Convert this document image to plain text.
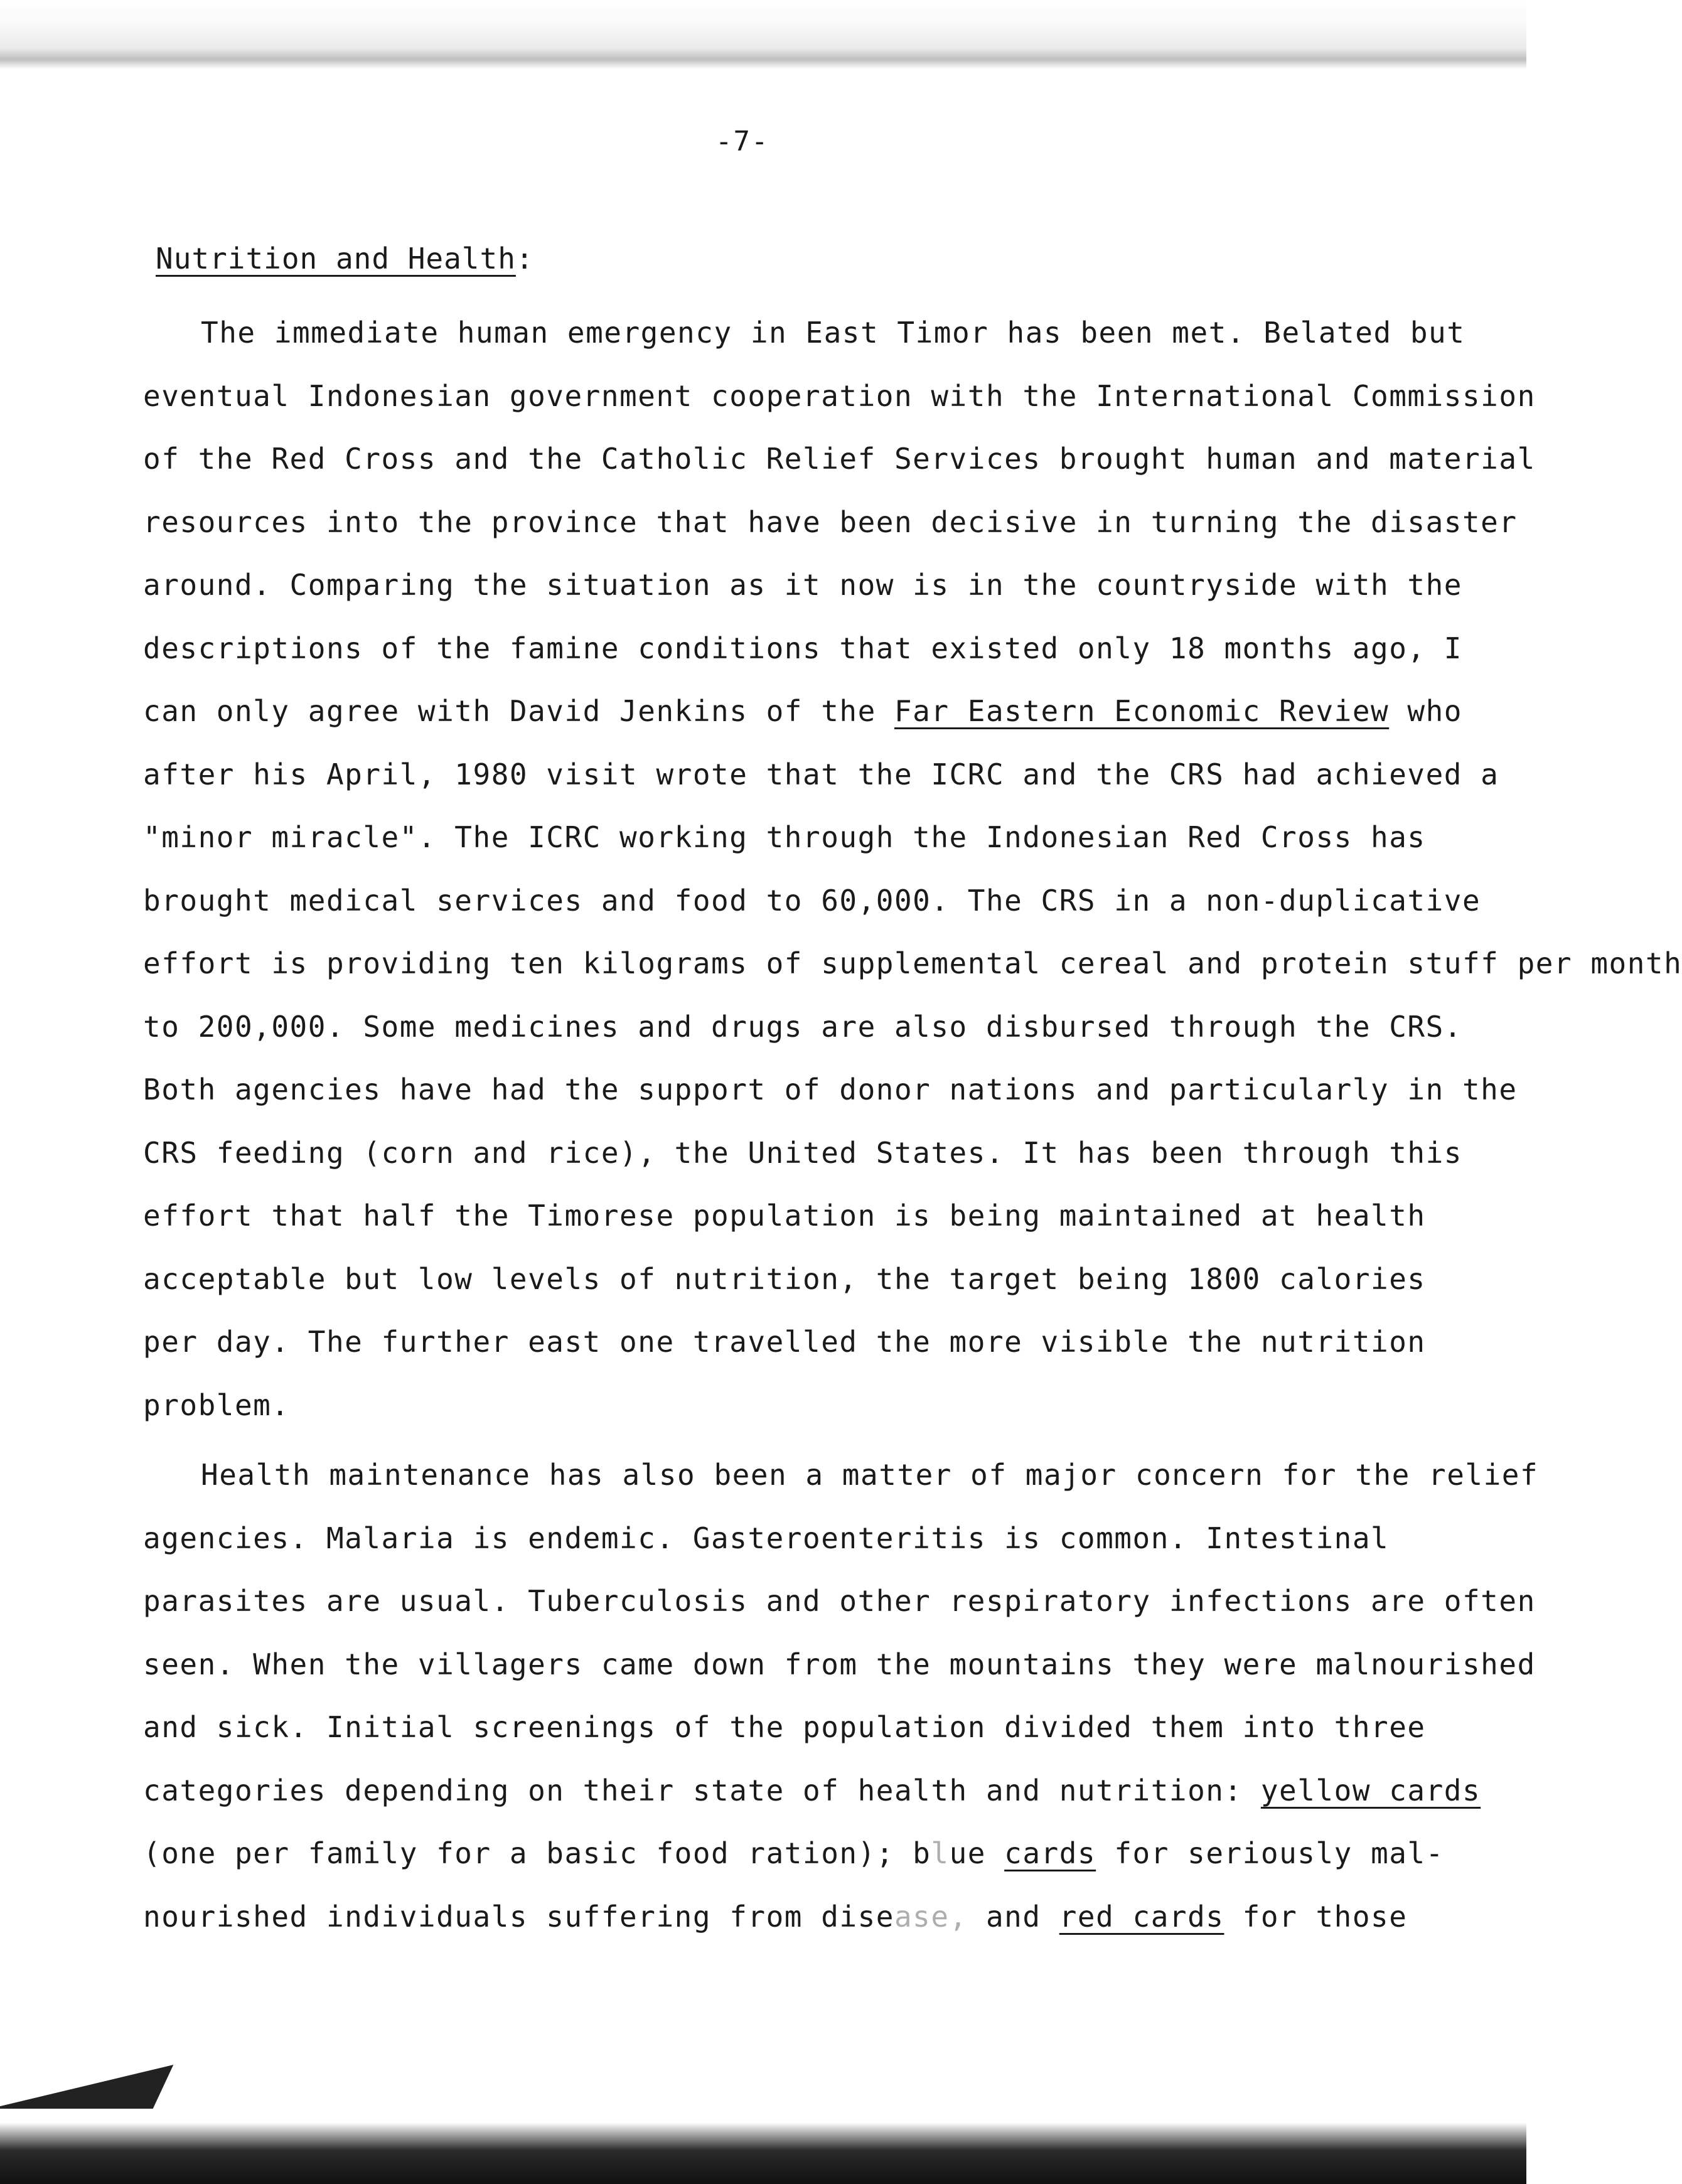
-7-
Nutrition and Health:

The immediate human emergency in East Timor has been met. Belated but

eventual Indonesian government cooperation with the International Commission

of the Red Cross and the Catholic Relief Services brought human and material

resources into the province that have been decisive in turning the disaster

around. Comparing the situation as it now is in the countryside with the

descriptions of the famine conditions that existed only 18 months ago, I

can only agree with David Jenkins of the Far Eastern Economic Review who

after his April, 1980 visit wrote that the ICRC and the CRS had achieved a

"minor miracle". The ICRC working through the Indonesian Red Cross has

brought medical services and food to 60,000. The CRS in a non-duplicative

effort is providing ten kilograms of supplemental cereal and protein stuff per month

to 200,000. Some medicines and drugs are also disbursed through the CRS.

Both agencies have had the support of donor nations and particularly in the

CRS feeding (corn and rice), the United States. It has been through this

effort that half the Timorese population is being maintained at health

acceptable but low levels of nutrition, the target being 1800 calories

per day. The further east one travelled the more visible the nutrition

problem.

Health maintenance has also been a matter of major concern for the relief

agencies. Malaria is endemic. Gasteroenteritis is common. Intestinal

parasites are usual. Tuberculosis and other respiratory infections are often

seen. When the villagers came down from the mountains they were malnourished

and sick. Initial screenings of the population divided them into three

categories depending on their state of health and nutrition: yellow cards

(one per family for a basic food ration); blue cards for seriously mal-

nourished individuals suffering from disease, and red cards for those
